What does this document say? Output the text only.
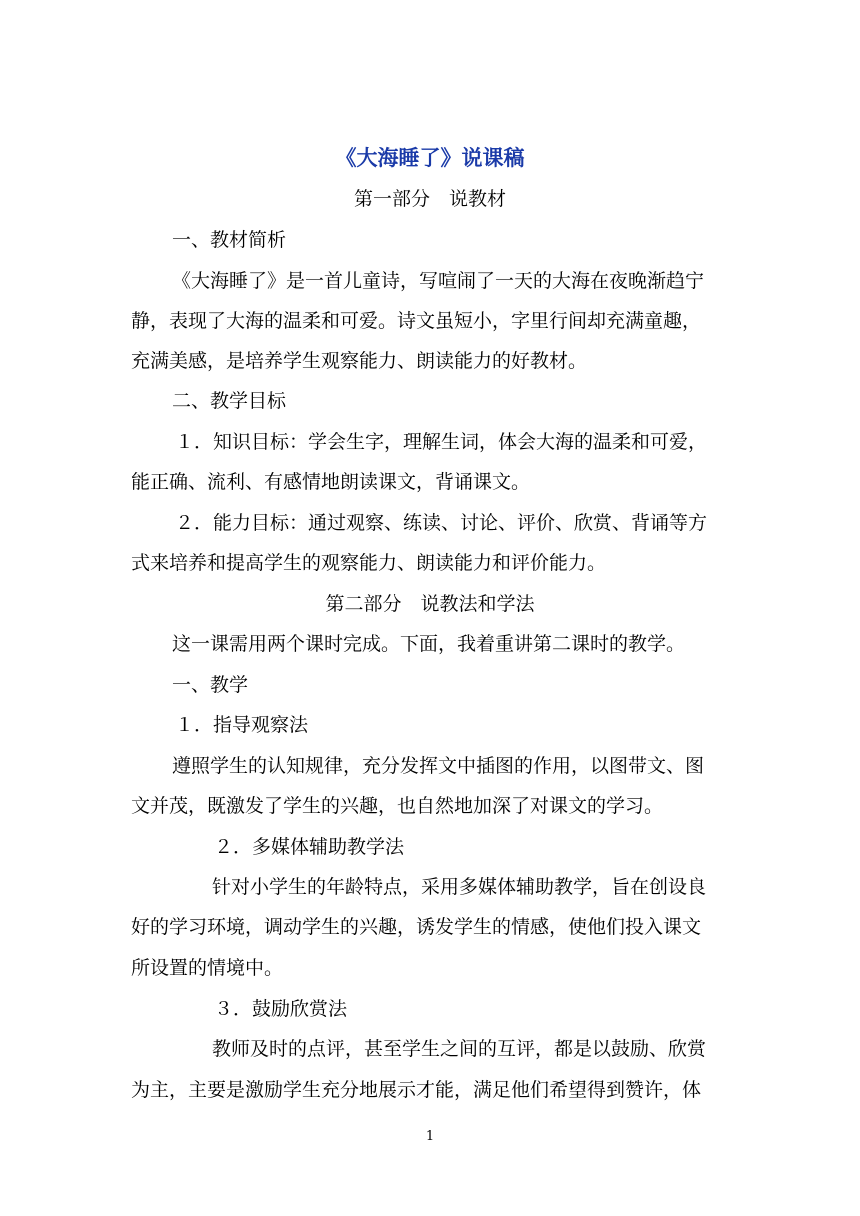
《大海睡了》说课稿
第一部分　说教材
一、教材简析
《大海睡了》是一首儿童诗，写喧闹了一天的大海在夜晚渐趋宁
静，表现了大海的温柔和可爱。诗文虽短小，字里行间却充满童趣，
充满美感，是培养学生观察能力、朗读能力的好教材。
二、教学目标
１．知识目标：学会生字，理解生词，体会大海的温柔和可爱，
能正确、流利、有感情地朗读课文，背诵课文。
２．能力目标：通过观察、练读、讨论、评价、欣赏、背诵等方
式来培养和提高学生的观察能力、朗读能力和评价能力。
第二部分　说教法和学法
这一课需用两个课时完成。下面，我着重讲第二课时的教学。
一、教学
１．指导观察法
遵照学生的认知规律，充分发挥文中插图的作用，以图带文、图
文并茂，既激发了学生的兴趣，也自然地加深了对课文的学习。
２．多媒体辅助教学法
针对小学生的年龄特点，采用多媒体辅助教学，旨在创设良
好的学习环境，调动学生的兴趣，诱发学生的情感，使他们投入课文
所设置的情境中。
３．鼓励欣赏法
教师及时的点评，甚至学生之间的互评，都是以鼓励、欣赏
为主，主要是激励学生充分地展示才能，满足他们希望得到赞许，体
1
